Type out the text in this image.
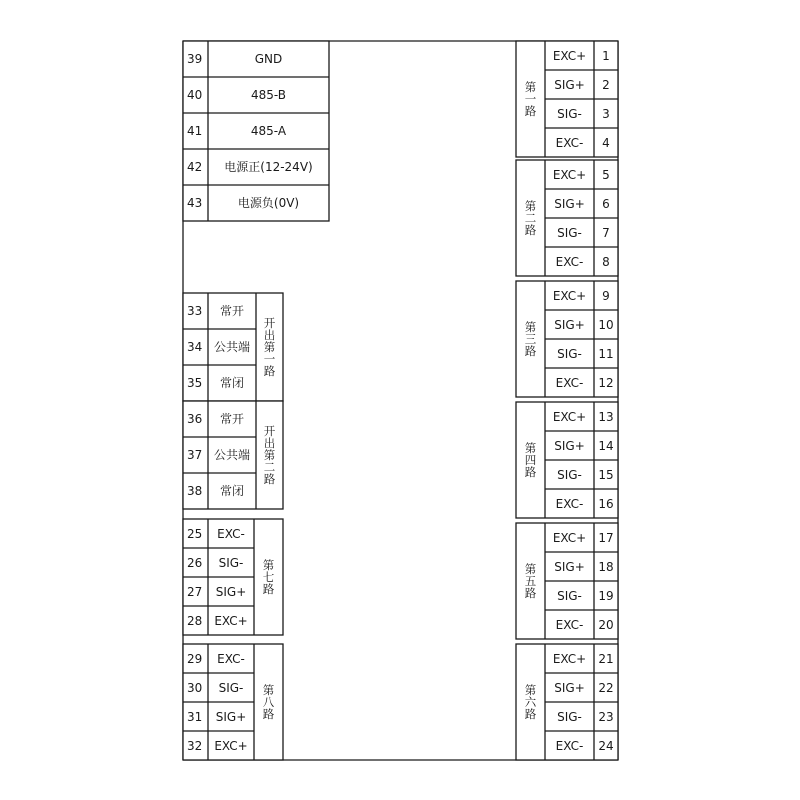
39	GND
40	485-B
41	485-A
42 电源正(12-24V)
43	电源负(0V)
33 常开
34 公共端
35 常闭
开出第一路
36 常开
37 公共端
38 常闭
开出第二路
25 EXC-
26 SIG-
27 SIG+
28 EXC+
第七路
29 EXC-
30 SIG-
31 SIG+
32 EXC+
第八路
EXC+ 1
SIG+ 2
SIG- 3
EXC- 4
第一路
EXC+ 5
SIG+ 6
SIG- 7
EXC- 8
第二路
EXC+ 9
SIG+ 10
SIG- 11
EXC- 12
第三路
EXC+ 13
SIG+ 14
SIG- 15
EXC- 16
第四路
EXC+ 17
SIG+ 18
SIG- 19
EXC- 20
第五路
EXC+ 21
SIG+ 22
SIG- 23
EXC- 24
第六路
